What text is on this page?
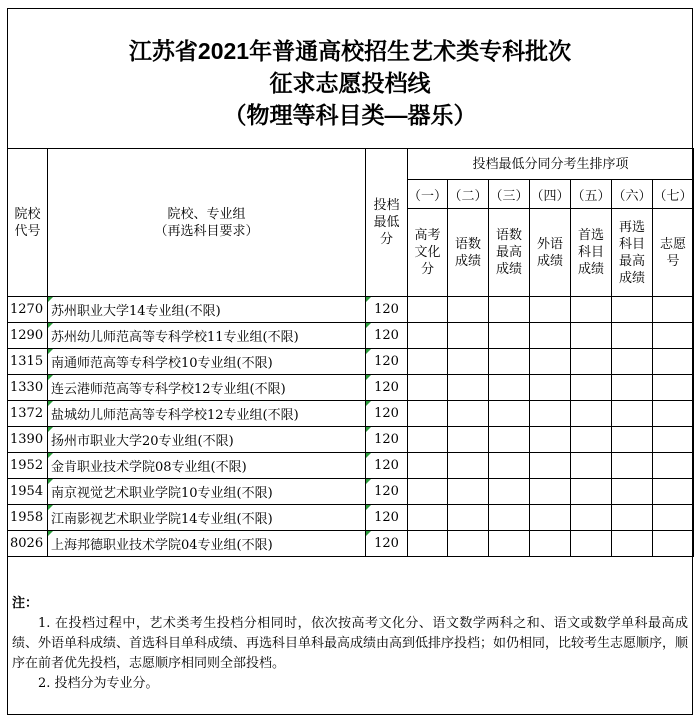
江苏省2021年普通高校招生艺术类专科批次
征求志愿投档线
（物理等科目类—器乐）
院校代号	院校、专业组
（再选科目要求）	投档最低分	投档最低分同分考生排序项						
			（一）	（二）	（三）	（四）	（五）	（六）	（七）
			高考文化分	语数成绩	语数最高成绩	外语成绩	首选科目成绩	再选科目最高成绩	志愿号
1270	苏州职业大学14专业组(不限)	120							
1290	苏州幼儿师范高等专科学校11专业组(不限)	120							
1315	南通师范高等专科学校10专业组(不限)	120							
1330	连云港师范高等专科学校12专业组(不限)	120							
1372	盐城幼儿师范高等专科学校12专业组(不限)	120							
1390	扬州市职业大学20专业组(不限)	120							
1952	金肯职业技术学院08专业组(不限)	120							
1954	南京视觉艺术职业学院10专业组(不限)	120							
1958	江南影视艺术职业学院14专业组(不限)	120							
8026	上海邦德职业技术学院04专业组(不限)	120							
注：

1. 在投档过程中，艺术类考生投档分相同时，依次按高考文化分、语文数学两科之和、语文或数学单科最高成绩、外语单科成绩、首选科目单科成绩、再选科目单科最高成绩由高到低排序投档；如仍相同，比较考生志愿顺序，顺序在前者优先投档，志愿顺序相同则全部投档。

2. 投档分为专业分。
